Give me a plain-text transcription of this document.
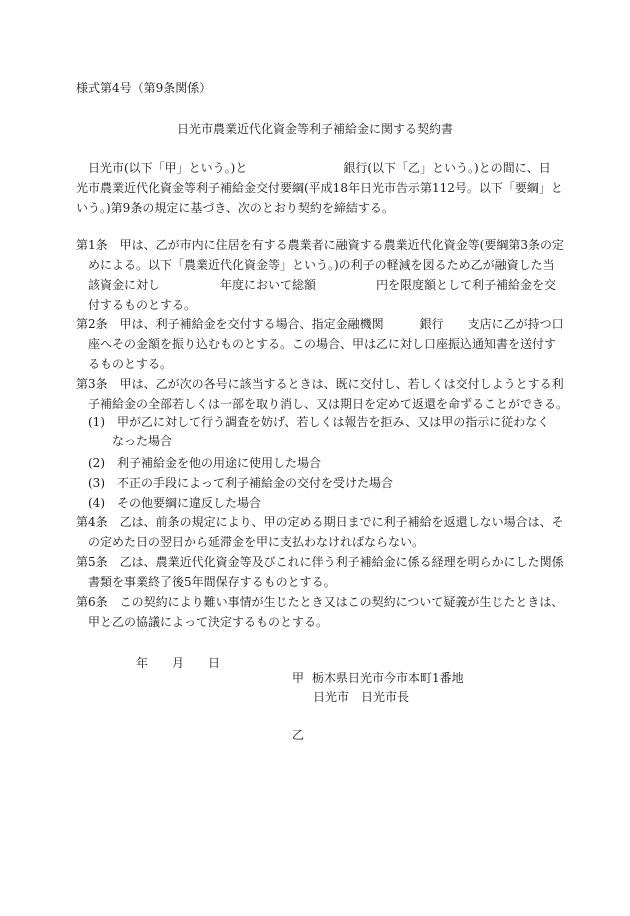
様式第4号（第9条関係）
日光市農業近代化資金等利子補給金に関する契約書
　日光市(以下「甲」という。)と　　　　　　　　銀行(以下「乙」という。)との間に、日
光市農業近代化資金等利子補給金交付要綱(平成18年日光市告示第112号。以下「要綱」と
いう。)第9条の規定に基づき、次のとおり契約を締結する。
第1条　甲は、乙が市内に住居を有する農業者に融資する農業近代化資金等(要綱第3条の定
　めによる。以下「農業近代化資金等」という。)の利子の軽減を図るため乙が融資した当
　該資金に対し　　　　　年度において総額　　　　　円を限度額として利子補給金を交
　付するものとする。
第2条　甲は、利子補給金を交付する場合、指定金融機関　　　銀行　　支店に乙が持つ口
　座へその金額を振り込むものとする。この場合、甲は乙に対し口座振込通知書を送付す
　るものとする。
第3条　甲は、乙が次の各号に該当するときは、既に交付し、若しくは交付しようとする利
　子補給金の全部若しくは一部を取り消し、又は期日を定めて返還を命ずることができる。
　(1)　甲が乙に対して行う調査を妨げ、若しくは報告を拒み、又は甲の指示に従わなく
　　　なった場合
　(2)　利子補給金を他の用途に使用した場合
　(3)　不正の手段によって利子補給金の交付を受けた場合
　(4)　その他要綱に違反した場合
第4条　乙は、前条の規定により、甲の定める期日までに利子補給を返還しない場合は、そ
　の定めた日の翌日から延滞金を甲に支払わなければならない。
第5条　乙は、農業近代化資金等及びこれに伴う利子補給金に係る経理を明らかにした関係
　書類を事業終了後5年間保存するものとする。
第6条　この契約により難い事情が生じたとき又はこの契約について疑義が生じたときは、
　甲と乙の協議によって決定するものとする。
年 月 日
甲 栃木県日光市今市本町1番地
日光市　日光市長
乙
